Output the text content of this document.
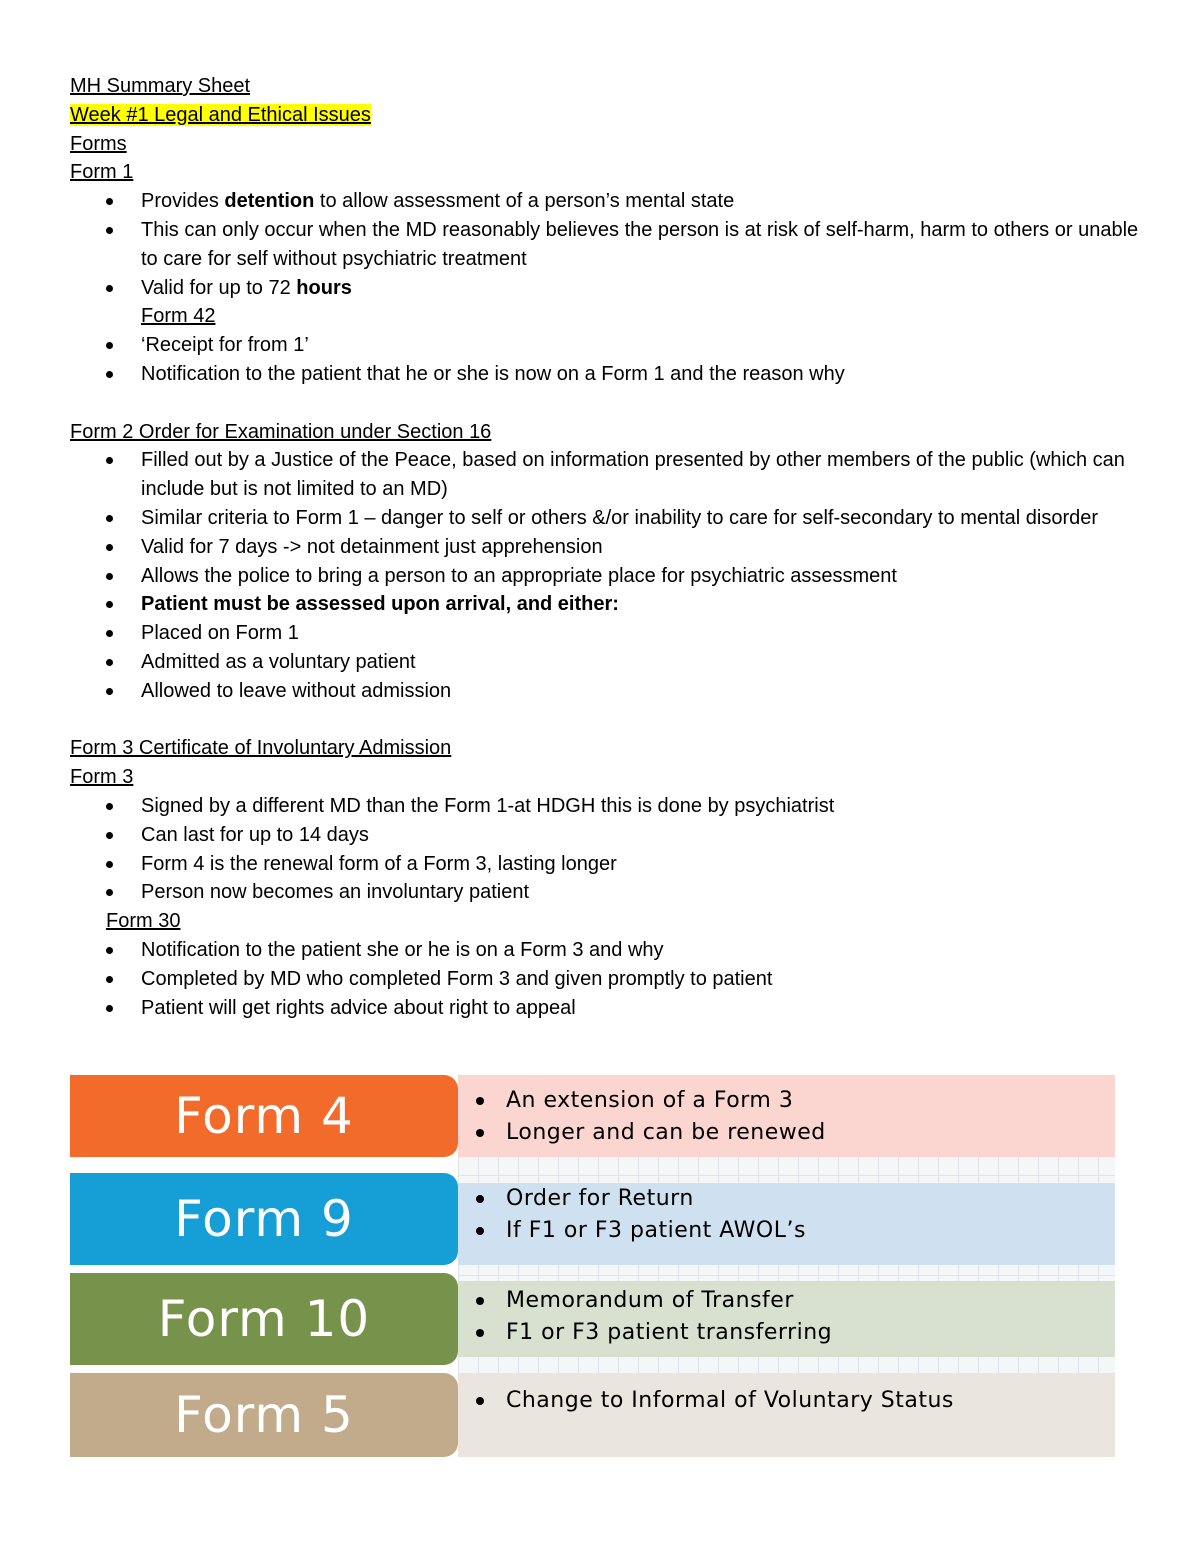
MH Summary Sheet
Week #1 Legal and Ethical Issues
Forms
Form 1
Provides detention to allow assessment of a person’s mental state
This can only occur when the MD reasonably believes the person is at risk of self-harm, harm to others or unable to care for self without psychiatric treatment
Valid for up to 72 hours
Form 42
‘Receipt for from 1’
Notification to the patient that he or she is now on a Form 1 and the reason why
Form 2 Order for Examination under Section 16
Filled out by a Justice of the Peace, based on information presented by other members of the public (which can include but is not limited to an MD)
Similar criteria to Form 1 – danger to self or others &/or inability to care for self-secondary to mental disorder
Valid for 7 days -> not detainment just apprehension
Allows the police to bring a person to an appropriate place for psychiatric assessment
Patient must be assessed upon arrival, and either:
Placed on Form 1
Admitted as a voluntary patient
Allowed to leave without admission
Form 3 Certificate of Involuntary Admission
Form 3
Signed by a different MD than the Form 1-at HDGH this is done by psychiatrist
Can last for up to 14 days
Form 4 is the renewal form of a Form 3, lasting longer
Person now becomes an involuntary patient
Form 30
Notification to the patient she or he is on a Form 3 and why
Completed by MD who completed Form 3 and given promptly to patient
Patient will get rights advice about right to appeal
Form 4	An extension of a Form 3
Longer and can be renewed
Form 9	Order for Return
If F1 or F3 patient AWOL’s
Form 10	Memorandum of Transfer
F1 or F3 patient transferring
Form 5	Change to Informal of Voluntary Status
